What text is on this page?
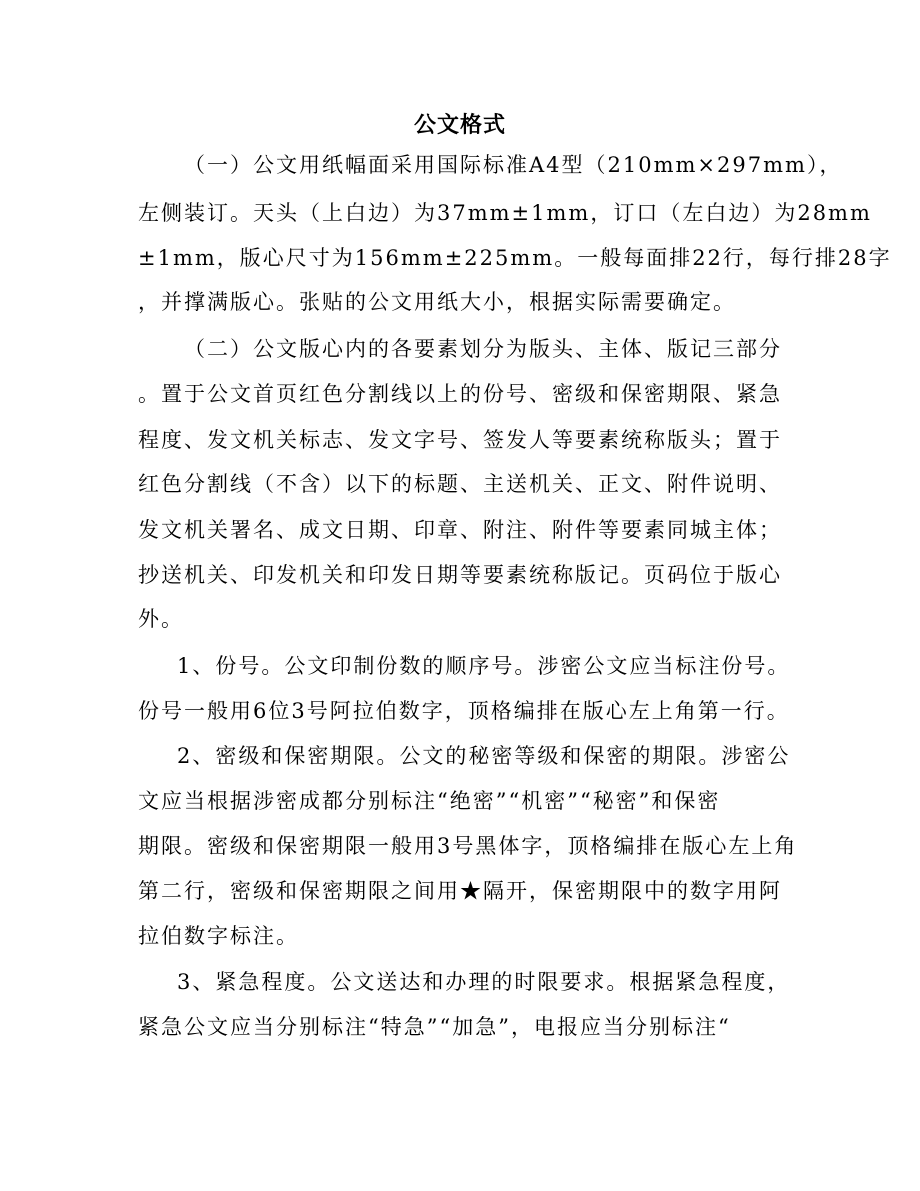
公文格式
（一）公文用纸幅面采用国际标准A4型（210mm×297mm），
左侧装订。天头（上白边）为37mm±1mm，订口（左白边）为28mm
±1mm，版心尺寸为156mm±225mm。一般每面排22行，每行排28字
，并撑满版心。张贴的公文用纸大小，根据实际需要确定。
（二）公文版心内的各要素划分为版头、主体、版记三部分
。置于公文首页红色分割线以上的份号、密级和保密期限、紧急
程度、发文机关标志、发文字号、签发人等要素统称版头；置于
红色分割线（不含）以下的标题、主送机关、正文、附件说明、
发文机关署名、成文日期、印章、附注、附件等要素同城主体；
抄送机关、印发机关和印发日期等要素统称版记。页码位于版心
外。
1、份号。公文印制份数的顺序号。涉密公文应当标注份号。
份号一般用6位3号阿拉伯数字，顶格编排在版心左上角第一行。
2、密级和保密期限。公文的秘密等级和保密的期限。涉密公
文应当根据涉密成都分别标注“绝密”“机密”“秘密”和保密
期限。密级和保密期限一般用3号黑体字，顶格编排在版心左上角
第二行，密级和保密期限之间用★隔开，保密期限中的数字用阿
拉伯数字标注。
3、紧急程度。公文送达和办理的时限要求。根据紧急程度，
紧急公文应当分别标注“特急”“加急”，电报应当分别标注“
